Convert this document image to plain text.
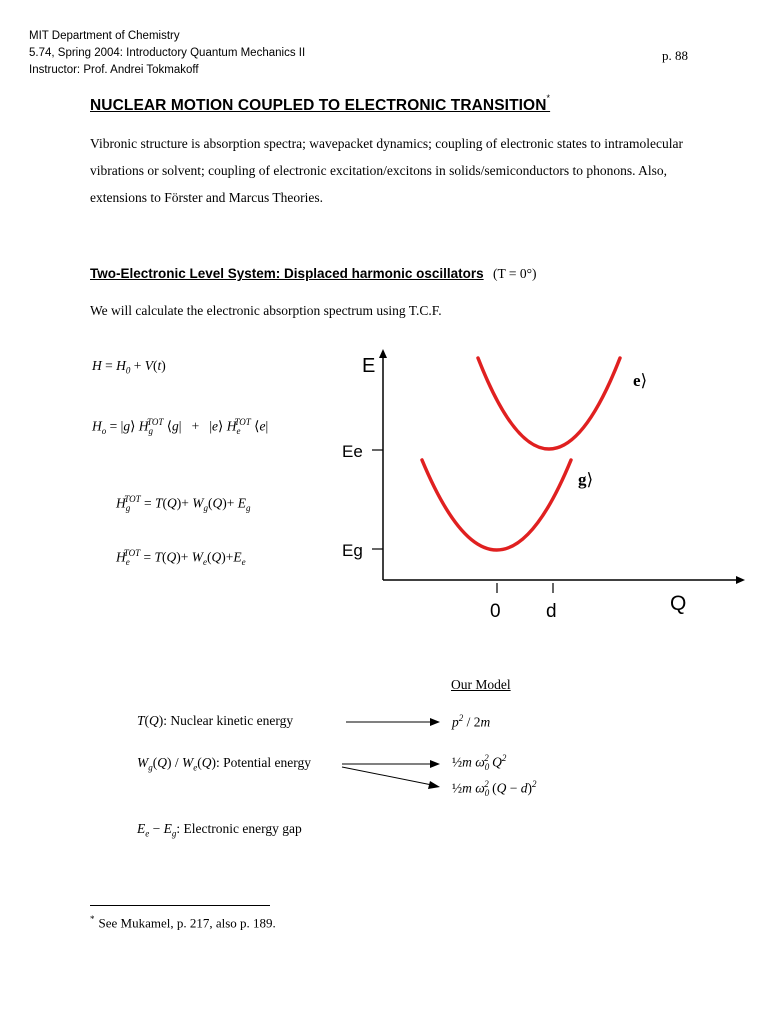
MIT Department of Chemistry
5.74, Spring 2004: Introductory Quantum Mechanics II
Instructor: Prof. Andrei Tokmakoff
p. 88
NUCLEAR MOTION COUPLED TO ELECTRONIC TRANSITION*
Vibronic structure is absorption spectra; wavepacket dynamics; coupling of electronic states to intramolecular vibrations or solvent; coupling of electronic excitation/excitons in solids/semiconductors to phonons. Also, extensions to Förster and Marcus Theories.
Two-Electronic Level System: Displaced harmonic oscillators (T = 0°)
We will calculate the electronic absorption spectrum using T.C.F.
$H = H_0 + V(t)$
$H_o$ = |g⟩ $H_g^{TOT}$ ⟨g| + |e⟩ $H_e^{TOT}$ ⟨e|
$H_g^{TOT} = T(Q)+ W_g(Q)+ E_g$
$H_e^{TOT} = T(Q)+ W_e(Q)+E_e$
E
Ee
Eg
0 d	Q
e⟩
g⟩
Our Model
T(Q): Nuclear kinetic energy	$p^2 / 2m$
$W_g(Q) / W_e(Q)$: Potential energy	½m $\omega_0^2$ $Q^2$
½m $\omega_0^2$ $(Q - d)^2$
$E_e - E_g$: Electronic energy gap
* See Mukamel, p. 217, also p. 189.
